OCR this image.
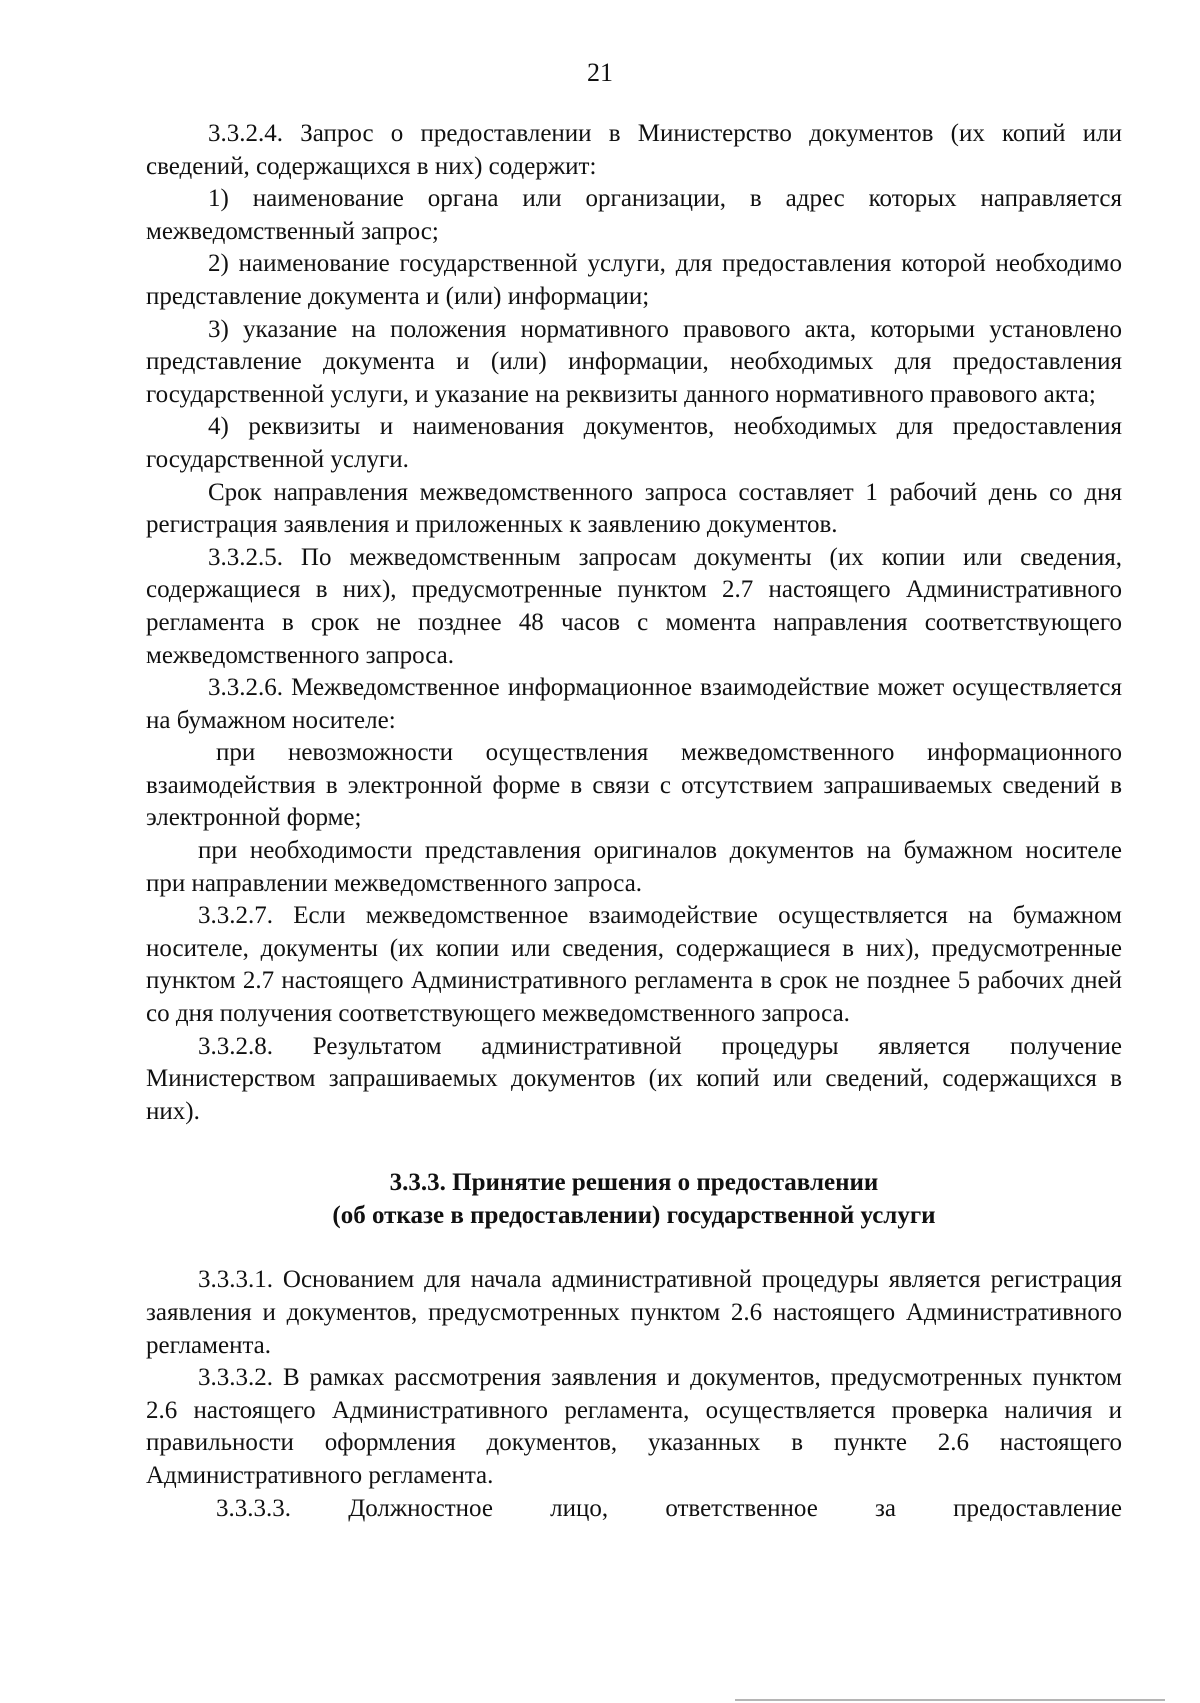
21

3.3.2.4. Запрос о предоставлении в Министерство документов (их копий или сведений, содержащихся в них) содержит:

1) наименование органа или организации, в адрес которых направляется межведомственный запрос;

2) наименование государственной услуги, для предоставления которой необходимо представление документа и (или) информации;

3) указание на положения нормативного правового акта, которыми установлено представление документа и (или) информации, необходимых для предоставления государственной услуги, и указание на реквизиты данного нормативного правового акта;

4) реквизиты и наименования документов, необходимых для предоставления государственной услуги.

Срок направления межведомственного запроса составляет 1 рабочий день со дня регистрация заявления и приложенных к заявлению документов.

3.3.2.5. По межведомственным запросам документы (их копии или сведения, содержащиеся в них), предусмотренные пунктом 2.7 настоящего Административного регламента в срок не позднее 48 часов с момента направления соответствующего межведомственного запроса.

3.3.2.6. Межведомственное информационное взаимодействие может осуществляется на бумажном носителе:

при невозможности осуществления межведомственного информационного взаимодействия в электронной форме в связи с отсутствием запрашиваемых сведений в электронной форме;

при необходимости представления оригиналов документов на бумажном носителе при направлении межведомственного запроса.

3.3.2.7. Если межведомственное взаимодействие осуществляется на бумажном носителе, документы (их копии или сведения, содержащиеся в них), предусмотренные пунктом 2.7 настоящего Административного регламента в срок не позднее 5 рабочих дней со дня получения соответствующего межведомственного запроса.

3.3.2.8. Результатом административной процедуры является получение Министерством запрашиваемых документов (их копий или сведений, содержащихся в них).

3.3.3. Принятие решения о предоставлении
(об отказе в предоставлении) государственной услуги

3.3.3.1. Основанием для начала административной процедуры является регистрация заявления и документов, предусмотренных пунктом 2.6 настоящего Административного регламента.

3.3.3.2. В рамках рассмотрения заявления и документов, предусмотренных пунктом 2.6 настоящего Административного регламента, осуществляется проверка наличия и правильности оформления документов, указанных в пункте 2.6 настоящего Административного регламента.

3.3.3.3. Должностное лицо, ответственное за предоставление
